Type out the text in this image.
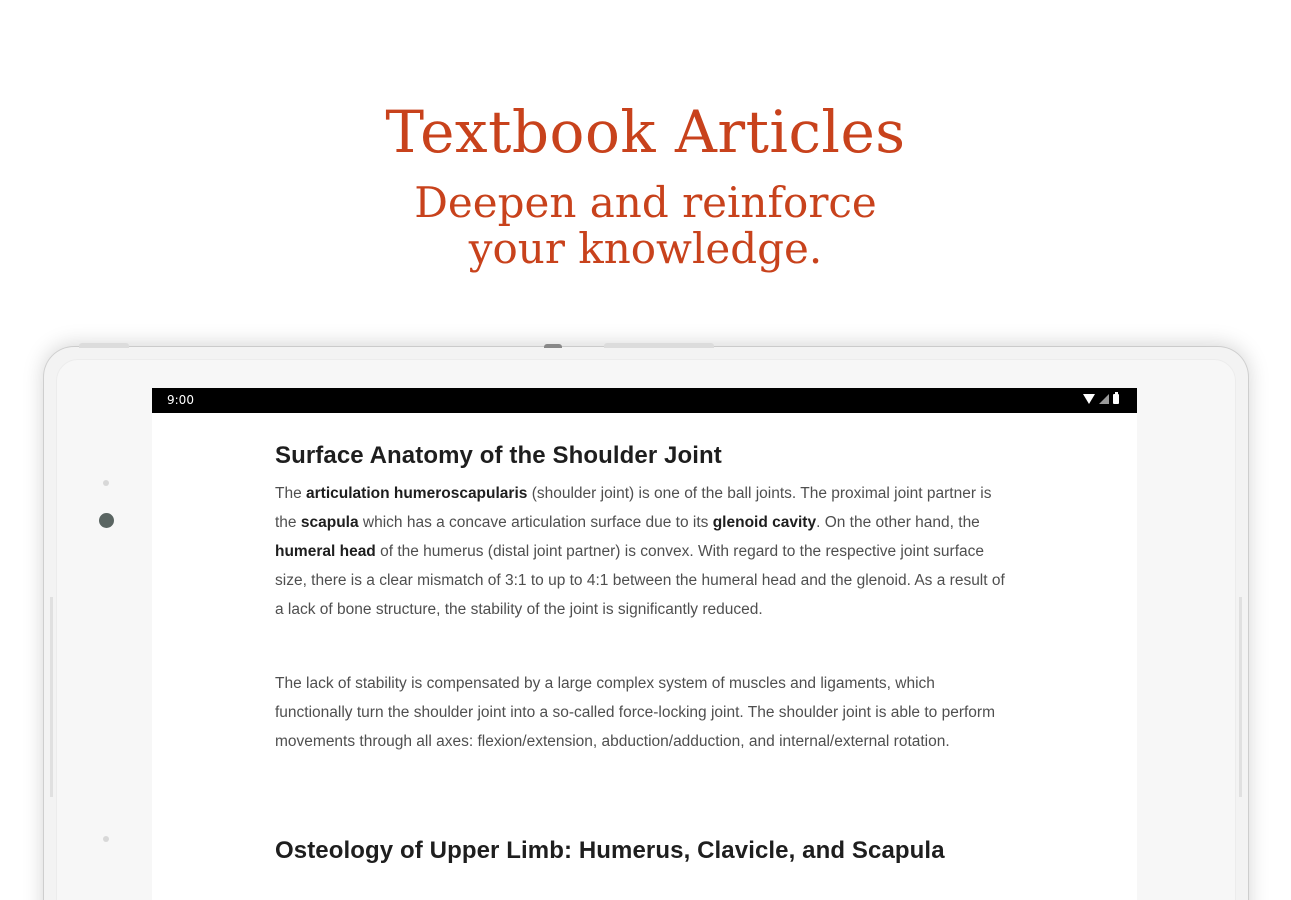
Textbook Articles
Deepen and reinforce
your knowledge.
9:00
Surface Anatomy of the Shoulder Joint

The articulation humeroscapularis (shoulder joint) is one of the ball joints. The proximal joint partner is the scapula which has a concave articulation surface due to its glenoid cavity. On the other hand, the humeral head of the humerus (distal joint partner) is convex. With regard to the respective joint surface size, there is a clear mismatch of 3:1 to up to 4:1 between the humeral head and the glenoid. As a result of a lack of bone structure, the stability of the joint is significantly reduced.

The lack of stability is compensated by a large complex system of muscles and ligaments, which functionally turn the shoulder joint into a so-called force-locking joint. The shoulder joint is able to perform movements through all axes: flexion/extension, abduction/adduction, and internal/external rotation.

Osteology of Upper Limb: Humerus, Clavicle, and Scapula
